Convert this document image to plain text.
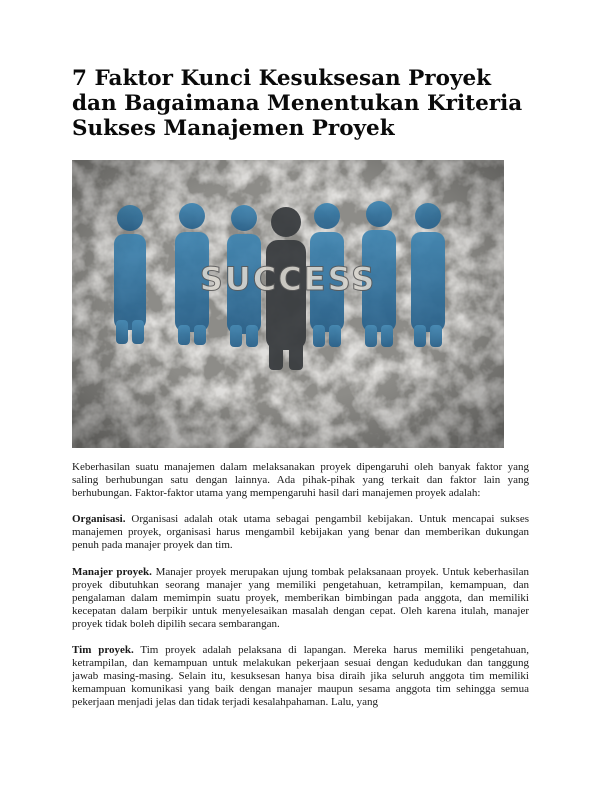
7 Faktor Kunci Kesuksesan Proyek dan Bagaimana Menentukan Kriteria Sukses Manajemen Proyek

Keberhasilan suatu manajemen dalam melaksanakan proyek dipengaruhi oleh banyak faktor yang saling berhubungan satu dengan lainnya. Ada pihak-pihak yang terkait dan faktor lain yang berhubungan. Faktor-faktor utama yang mempengaruhi hasil dari manajemen proyek adalah:

Organisasi. Organisasi adalah otak utama sebagai pengambil kebijakan. Untuk mencapai sukses manajemen proyek, organisasi harus mengambil kebijakan yang benar dan memberikan dukungan penuh pada manajer proyek dan tim.

Manajer proyek. Manajer proyek merupakan ujung tombak pelaksanaan proyek. Untuk keberhasilan proyek dibutuhkan seorang manajer yang memiliki pengetahuan, ketrampilan, kemampuan, dan pengalaman dalam memimpin suatu proyek, memberikan bimbingan pada anggota, dan memiliki kecepatan dalam berpikir untuk menyelesaikan masalah dengan cepat. Oleh karena itulah, manajer proyek tidak boleh dipilih secara sembarangan.

Tim proyek. Tim proyek adalah pelaksana di lapangan. Mereka harus memiliki pengetahuan, ketrampilan, dan kemampuan untuk melakukan pekerjaan sesuai dengan kedudukan dan tanggung jawab masing-masing. Selain itu, kesuksesan hanya bisa diraih jika seluruh anggota tim memiliki kemampuan komunikasi yang baik dengan manajer maupun sesama anggota tim sehingga semua pekerjaan menjadi jelas dan tidak terjadi kesalahpahaman. Lalu, yang
